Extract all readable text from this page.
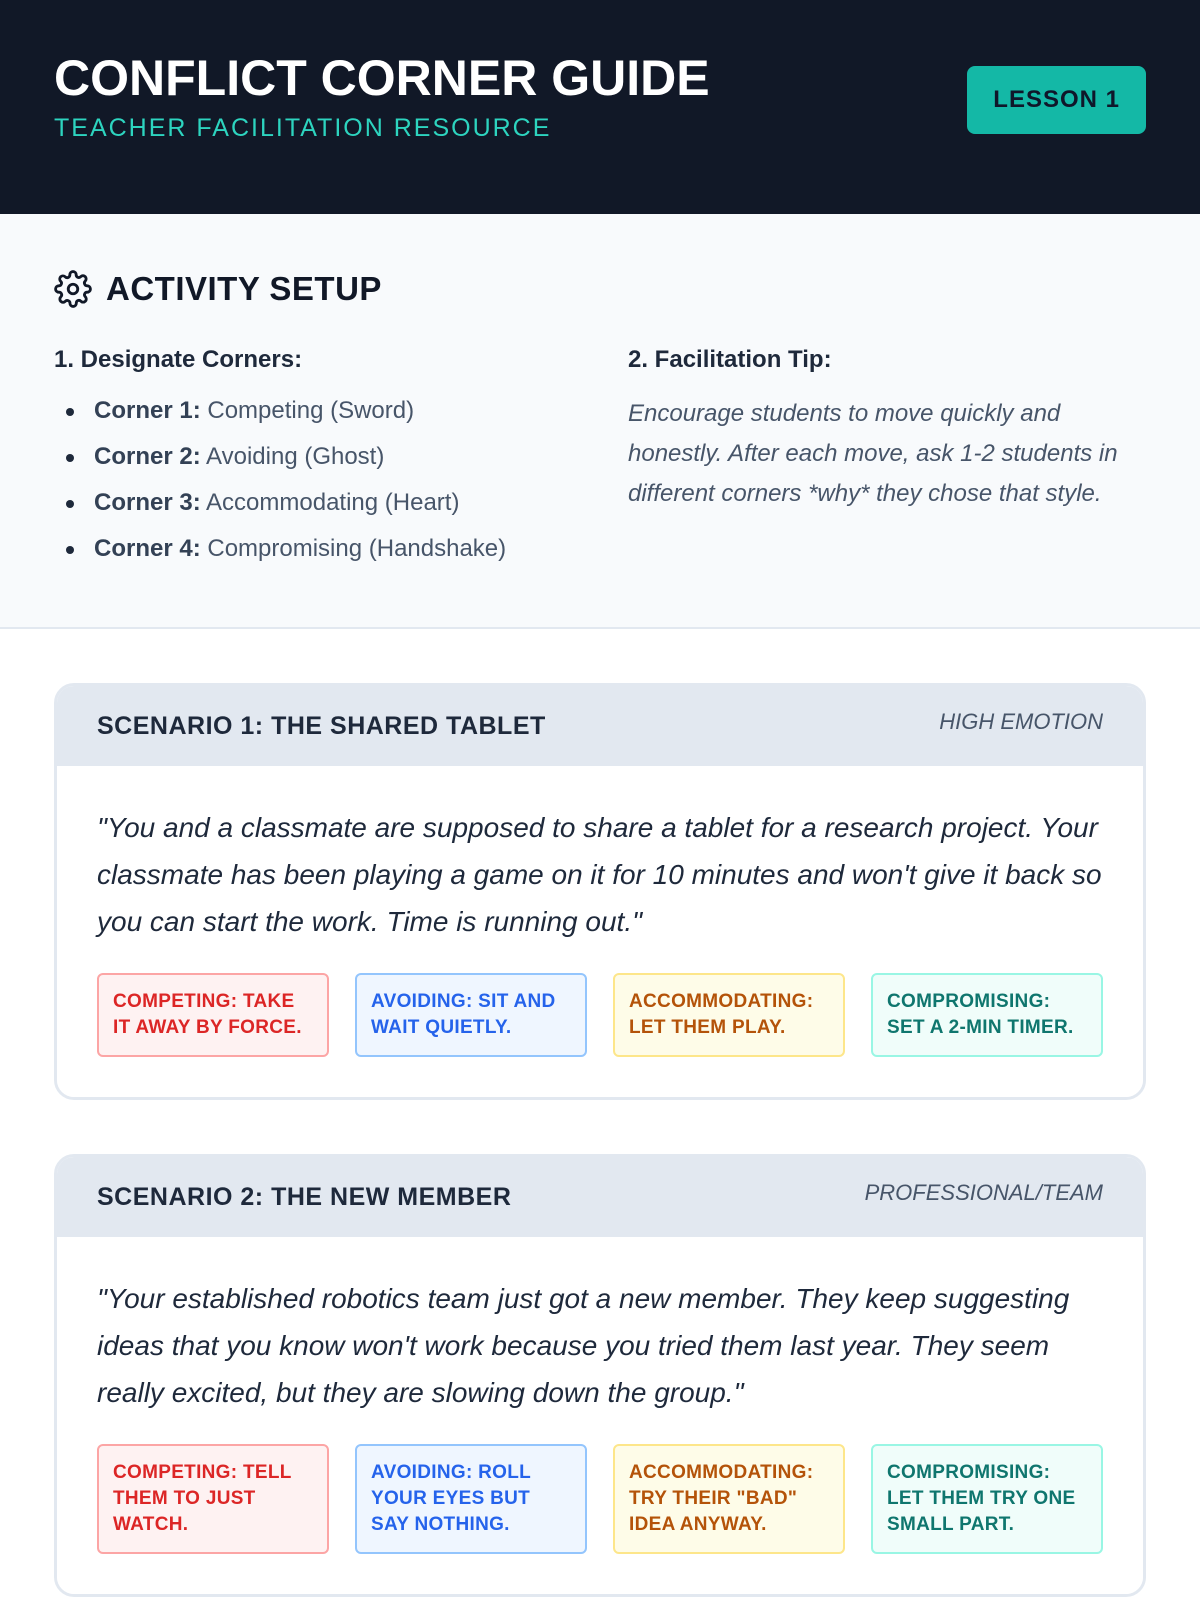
CONFLICT CORNER GUIDE
TEACHER FACILITATION RESOURCE
LESSON 1
ACTIVITY SETUP
1. Designate Corners:
Corner 1: Competing (Sword)
Corner 2: Avoiding (Ghost)
Corner 3: Accommodating (Heart)
Corner 4: Compromising (Handshake)
2. Facilitation Tip:

Encourage students to move quickly and honestly. After each move, ask 1-2 students in different corners *why* they chose that style.

SCENARIO 1: THE SHARED TABLET	HIGH EMOTION

"You and a classmate are supposed to share a tablet for a research project. Your classmate has been playing a game on it for 10 minutes and won't give it back so you can start the work. Time is running out."

COMPETING: TAKE IT AWAY BY FORCE.
AVOIDING: SIT AND WAIT QUIETLY.
ACCOMMODATING: LET THEM PLAY.
COMPROMISING: SET A 2-MIN TIMER.
SCENARIO 2: THE NEW MEMBER	PROFESSIONAL/TEAM

"Your established robotics team just got a new member. They keep suggesting ideas that you know won't work because you tried them last year. They seem really excited, but they are slowing down the group."

COMPETING: TELL THEM TO JUST WATCH.
AVOIDING: ROLL YOUR EYES BUT SAY NOTHING.
ACCOMMODATING: TRY THEIR "BAD" IDEA ANYWAY.
COMPROMISING: LET THEM TRY ONE SMALL PART.
